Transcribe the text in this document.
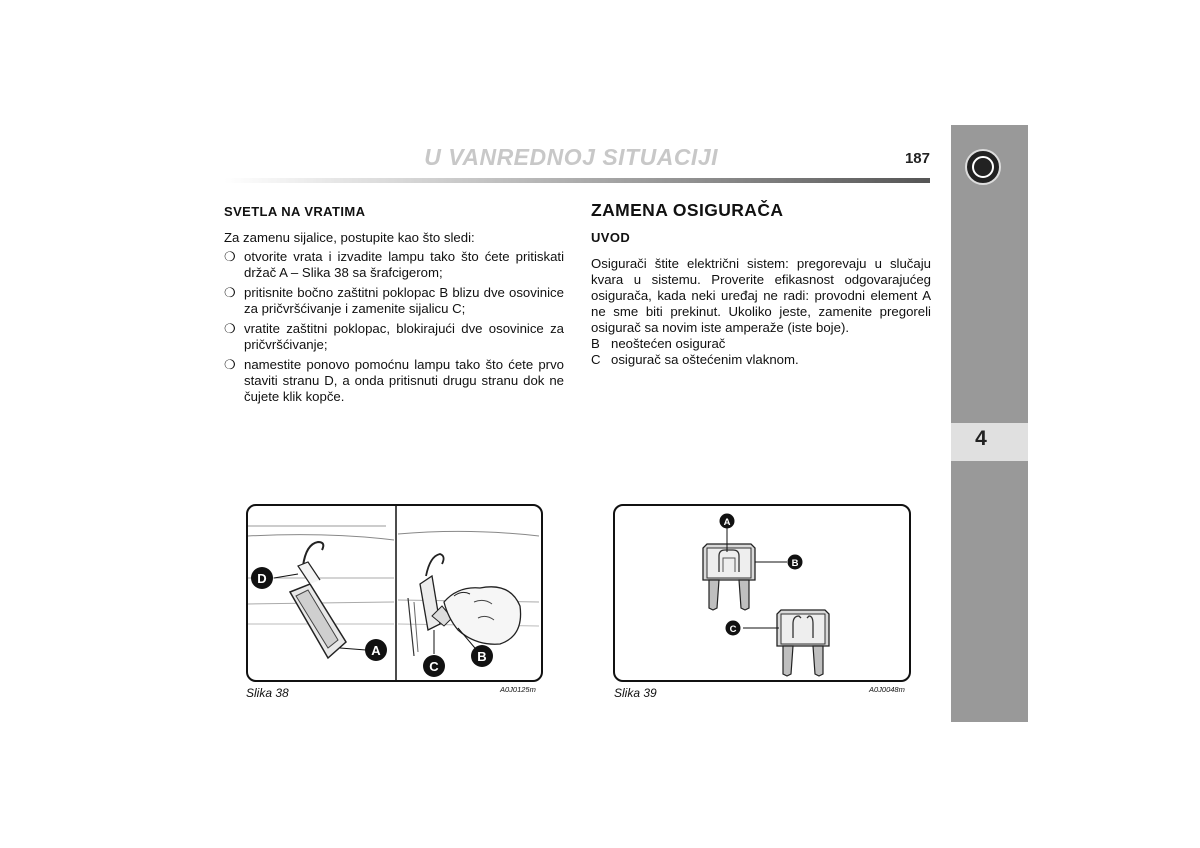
U VANREDNOJ SITUACIJI	187
4
SVETLA NA VRATIMA

Za zamenu sijalice, postupite kao što sledi:

❍ otvorite vrata i izvadite lampu tako što ćete pritiskati držač A – Slika 38 sa šrafcigerom;
❍ pritisnite bočno zaštitni poklopac B blizu dve osovinice za pričvršćivanje i zamenite sijalicu C;
❍ vratite zaštitni poklopac, blokirajući dve osovinice za pričvršćivanje;
❍ namestite ponovo pomoćnu lampu tako što ćete prvo staviti stranu D, a onda pritisnuti drugu stranu dok ne čujete klik kopče.
ZAMENA OSIGURAČA
UVOD

Osigurači štite električni sistem: pregorevaju u slučaju kvara u sistemu. Proverite efikasnost odgovarajućeg osigurača, kada neki uređaj ne radi: provodni element A ne sme biti prekinut. Ukoliko jeste, zamenite pregoreli osigurač sa novim iste amperaže (iste boje).

B neoštećen osigurač
C osigurač sa oštećenim vlaknom.
D
A
C
B
Slika 38	A0J0125m
A
B
C
Slika 39	A0J0048m
